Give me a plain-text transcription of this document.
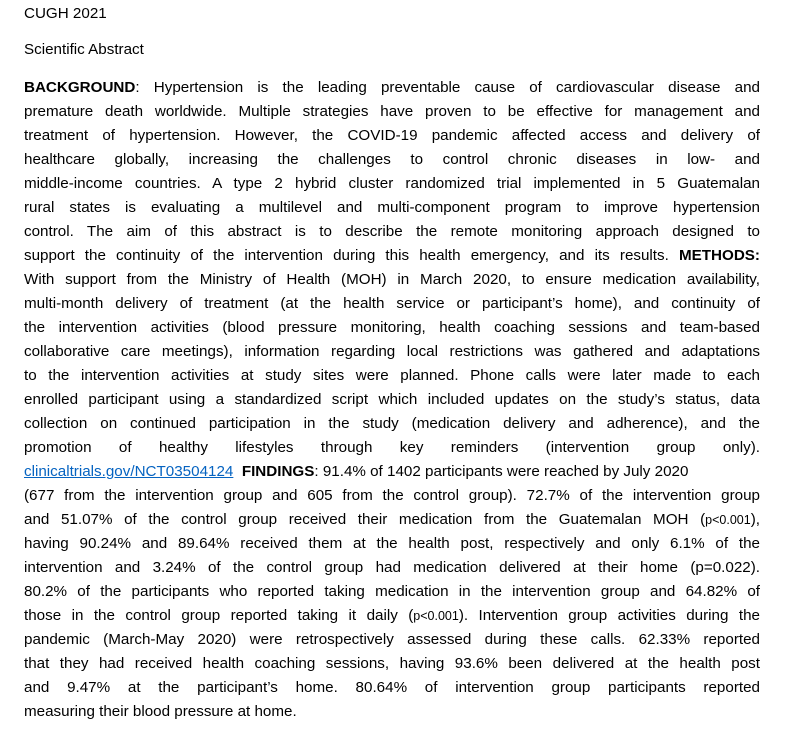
CUGH 2021
Scientific Abstract
BACKGROUND: Hypertension is the leading preventable cause of cardiovascular disease and
premature death worldwide. Multiple strategies have proven to be effective for management and
treatment of hypertension. However, the COVID-19 pandemic affected access and delivery of
healthcare globally, increasing the challenges to control chronic diseases in low- and
middle-income countries. A type 2 hybrid cluster randomized trial implemented in 5 Guatemalan
rural states is evaluating a multilevel and multi-component program to improve hypertension
control. The aim of this abstract is to describe the remote monitoring approach designed to
support the continuity of the intervention during this health emergency, and its results. METHODS:
With support from the Ministry of Health (MOH) in March 2020, to ensure medication availability,
multi-month delivery of treatment (at the health service or participant’s home), and continuity of
the intervention activities (blood pressure monitoring, health coaching sessions and team-based
collaborative care meetings), information regarding local restrictions was gathered and adaptations
to the intervention activities at study sites were planned. Phone calls were later made to each
enrolled participant using a standardized script which included updates on the study’s status, data
collection on continued participation in the study (medication delivery and adherence), and the
promotion of healthy lifestyles through key reminders (intervention group only).
clinicaltrials.gov/NCT03504124 FINDINGS: 91.4% of 1402 participants were reached by July 2020
(677 from the intervention group and 605 from the control group). 72.7% of the intervention group
and 51.07% of the control group received their medication from the Guatemalan MOH (p<0.001),
having 90.24% and 89.64% received them at the health post, respectively and only 6.1% of the
intervention and 3.24% of the control group had medication delivered at their home (p=0.022).
80.2% of the participants who reported taking medication in the intervention group and 64.82% of
those in the control group reported taking it daily (p<0.001). Intervention group activities during the
pandemic (March-May 2020) were retrospectively assessed during these calls. 62.33% reported
that they had received health coaching sessions, having 93.6% been delivered at the health post
and 9.47% at the participant’s home. 80.64% of intervention group participants reported
measuring their blood pressure at home.
